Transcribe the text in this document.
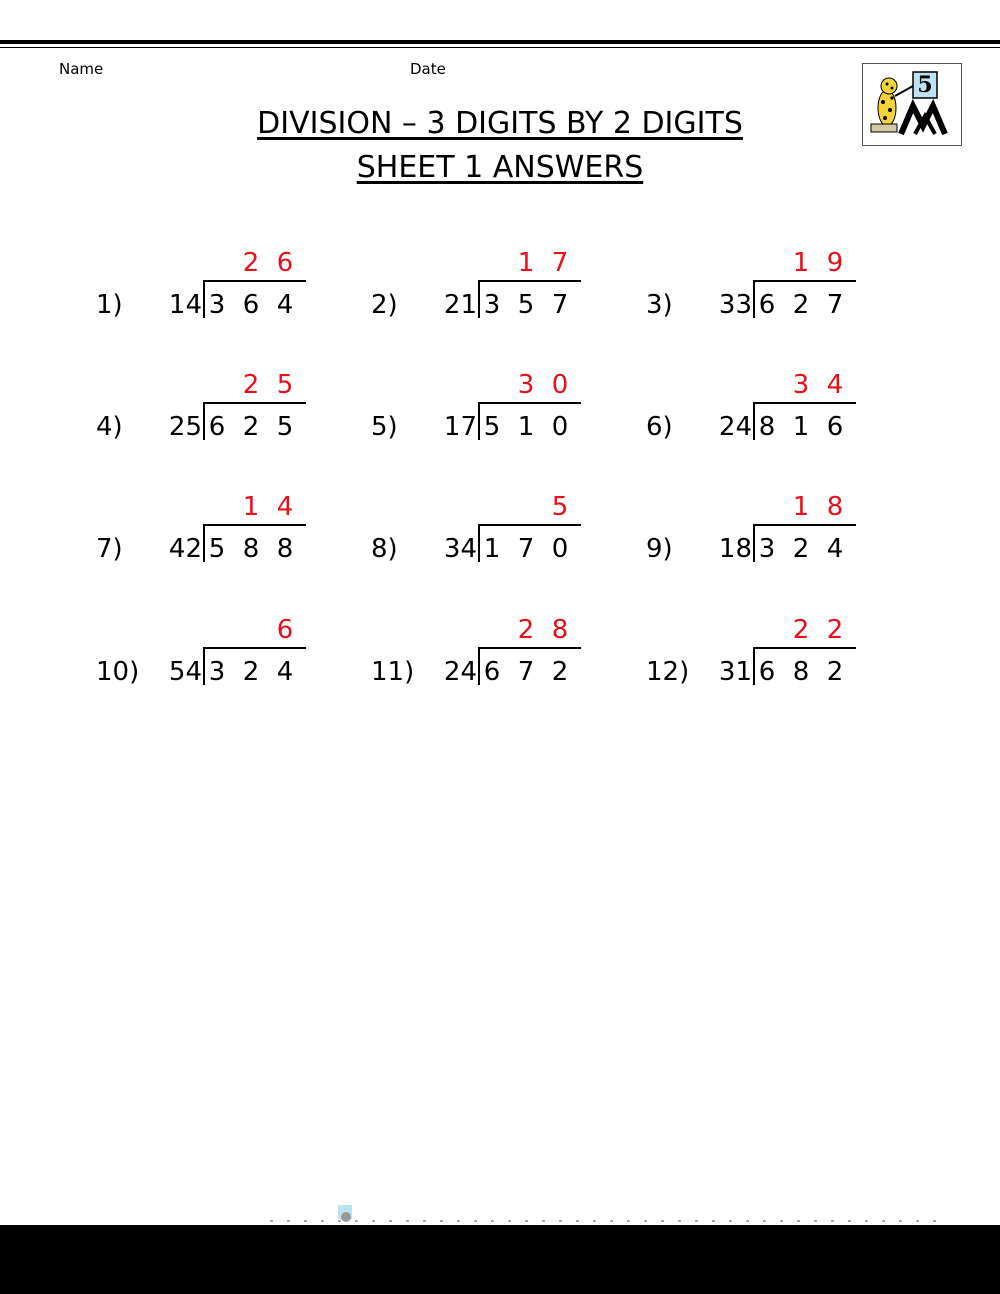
Name	Date
DIVISION – 3 DIGITS BY 2 DIGITS
SHEET 1 ANSWERS
5
1) 14 3 6 4
2 6
2) 21 3 5 7
1 7
3) 33 6 2 7
1 9
4) 25 6 2 5
2 5
5) 17 5 1 0
3 0
6) 24 8 1 6
3 4
7) 42 5 8 8
1 4
8) 34 1 7 0
5
9) 18 3 2 4
1 8
10) 54 3 2 4
6
11) 24 6 7 2
2 8
12) 31 6 8 2
2 2
